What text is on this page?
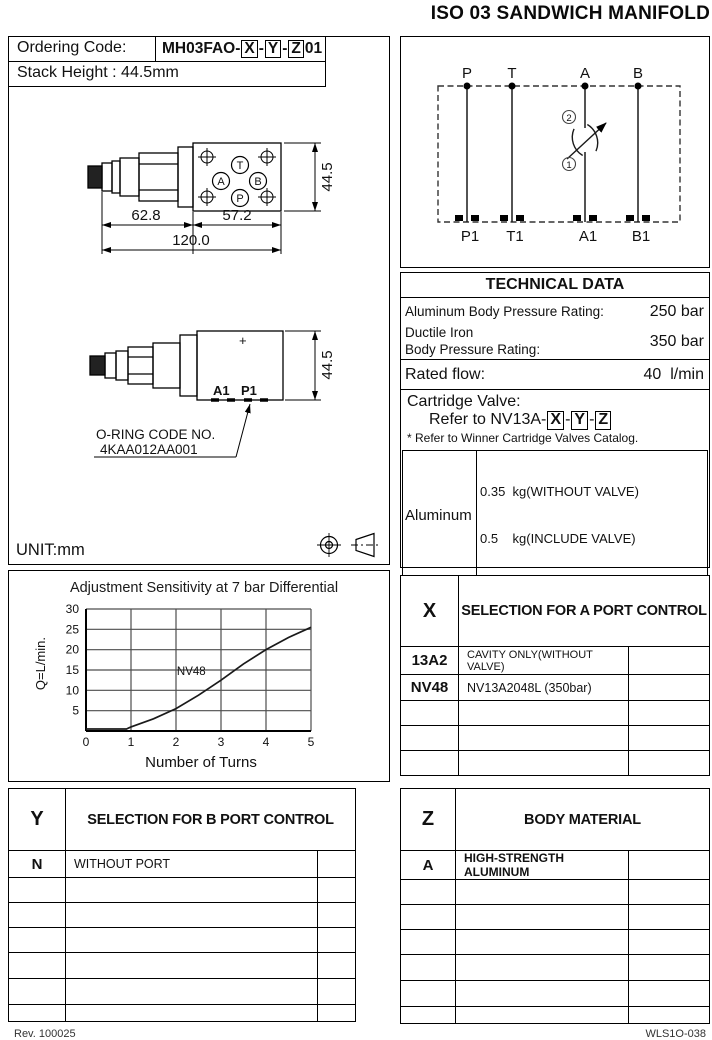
ISO 03 SANDWICH MANIFOLD
Ordering Code:	MH03FAO- X - Y - Z 01
Stack Height : 44.5mm
T
A	B
P
62.8	57.2
120.0
44.5
+
A1 P1
44.5
O-RING CODE NO.
4KAA012AA001
UNIT:mm
2
1
P T	A	B
P1 T1	A1 B1
TECHNICAL DATA
Aluminum Body Pressure Rating:	250 bar
Ductile Iron
Body Pressure Rating:	350 bar
Rated flow:	40 l/min
Cartridge Valve:
Refer to NV13A- X - Y - Z
* Refer to Winner Cartridge Valves Catalog.
Aluminum	0.35  kg(WITHOUT VALVE)

0.5    kg(INCLUDE VALVE)

Adjustment Sensitivity at 7 bar Differential
0	1	2	3	4	5
5
10
15
20
25
30
NV48
Number of Turns
Q=L/min.
X	SELECTION FOR A PORT CONTROL	
13A2	CAVITY ONLY(WITHOUT VALVE)	
NV48	NV13A2048L (350bar)	

Y	SELECTION FOR B PORT CONTROL	
N	WITHOUT PORT	

Z	BODY MATERIAL	
A	HIGH-STRENGTH ALUMINUM	

Rev. 100025	WLS1O-038
